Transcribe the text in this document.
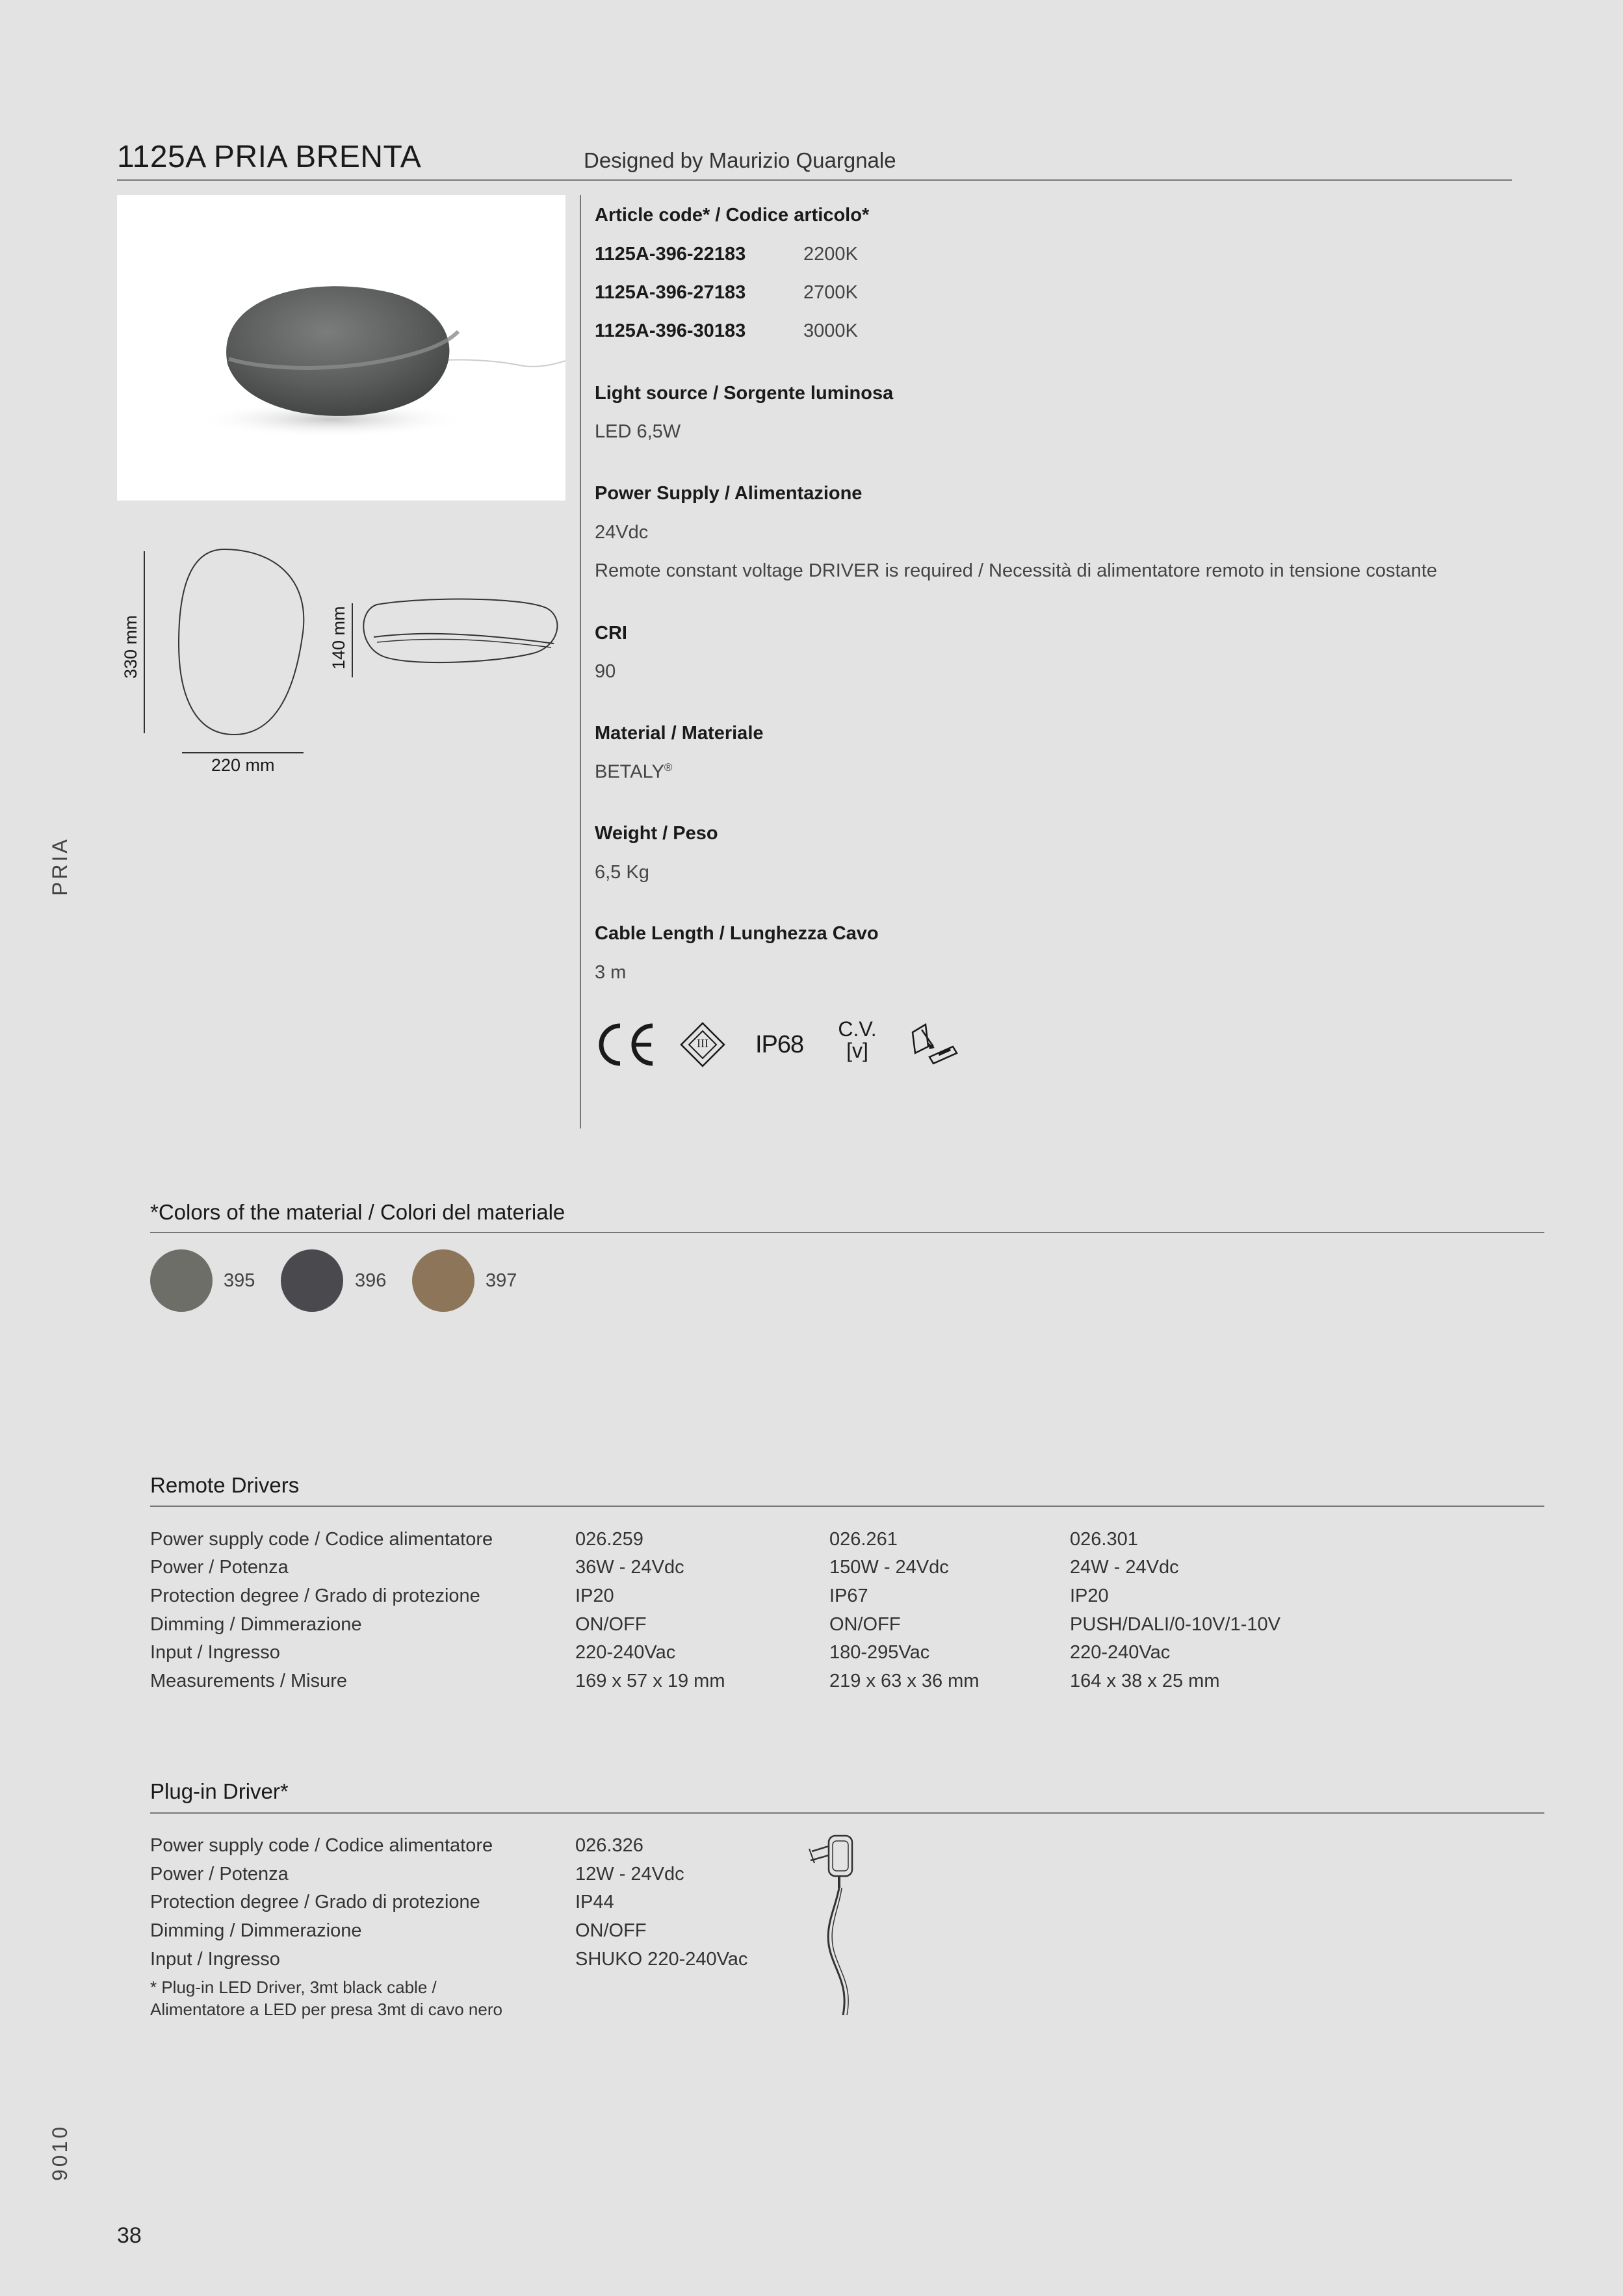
1125A PRIA BRENTA	Designed by Maurizio Quargnale
330 mm
220 mm
140 mm
PRIA
9010
Article code* / Codice articolo*
1125A-396-22183	2200K
1125A-396-27183	2700K
1125A-396-30183	3000K
Light source / Sorgente luminosa
LED 6,5W
Power Supply / Alimentazione
24Vdc
Remote constant voltage DRIVER is required / Necessità di alimentatore remoto in tensione costante
CRI
90
Material / Materiale
BETALY®
Weight / Peso
6,5 Kg
Cable Length / Lunghezza Cavo
3 m
III IP68
C.V.
[v]
*Colors of the material / Colori del materiale
395	396	397
Remote Drivers
Power supply code / Codice alimentatore	026.259	026.261	026.301
Power / Potenza	36W - 24Vdc	150W - 24Vdc	24W - 24Vdc
Protection degree / Grado di protezione	IP20	IP67	IP20
Dimming / Dimmerazione	ON/OFF	ON/OFF	PUSH/DALI/0-10V/1-10V
Input / Ingresso	220-240Vac	180-295Vac	220-240Vac
Measurements / Misure	169 x 57 x 19 mm	219 x 63 x 36 mm	164 x 38 x 25 mm
Plug-in Driver*
Power supply code / Codice alimentatore	026.326
Power / Potenza	12W - 24Vdc
Protection degree / Grado di protezione	IP44
Dimming / Dimmerazione	ON/OFF
Input / Ingresso	SHUKO 220-240Vac
* Plug-in LED Driver, 3mt black cable /
Alimentatore a LED per presa 3mt di cavo nero
38
